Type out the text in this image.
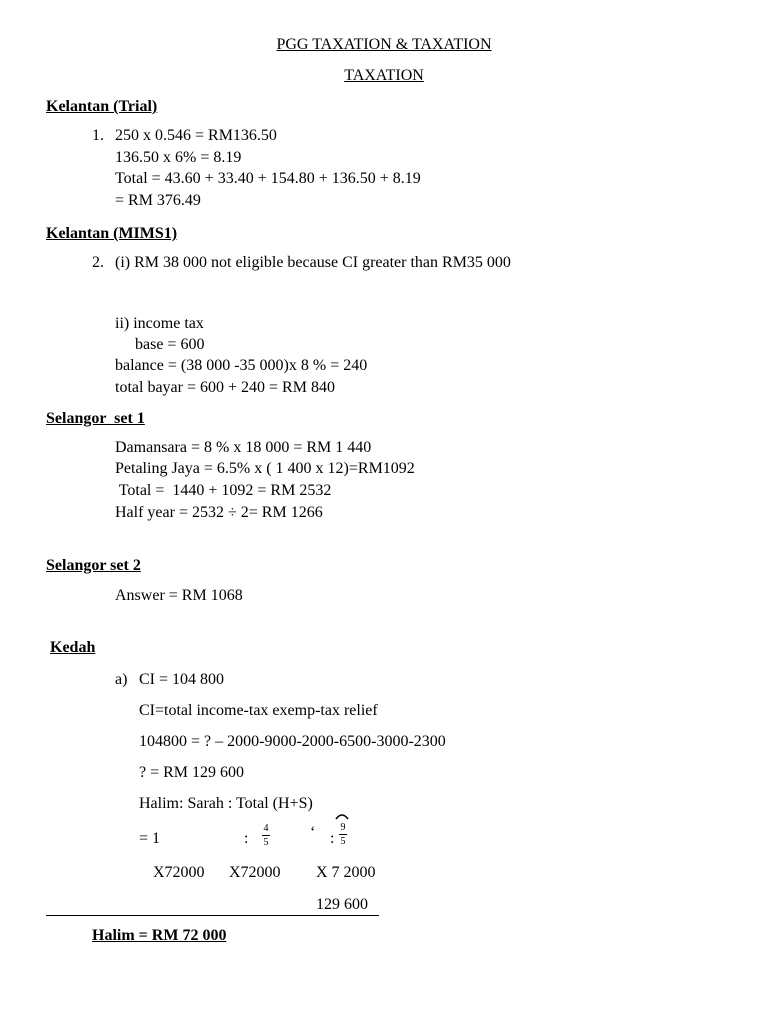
PGG TAXATION & TAXATION
TAXATION
Kelantan (Trial)
1. 250 x 0.546 = RM136.50
136.50 x 6% = 8.19
Total = 43.60 + 33.40 + 154.80 + 136.50 + 8.19
= RM 376.49
Kelantan (MIMS1)
2. (i) RM 38 000 not eligible because CI greater than RM35 000
ii) income tax
base = 600
balance = (38 000 -35 000)x 8 % = 240
total bayar = 600 + 240 = RM 840
Selangor  set 1
Damansara = 8 % x 18 000 = RM 1 440
Petaling Jaya = 6.5% x ( 1 400 x 12)=RM1092
Total =  1440 + 1092 = RM 2532
Half year = 2532 ÷ 2= RM 1266
Selangor set 2
Answer = RM 1068
Kedah
a) CI = 104 800
CI=total income-tax exemp-tax relief
104800 = ? – 2000-9000-2000-6500-3000-2300
? = RM 129 600
Halim: Sarah : Total (H+S)
= 1	:
4
5
‘ :
9
5
X72000 X72000 X 7 2000
129 600
Halim = RM 72 000
